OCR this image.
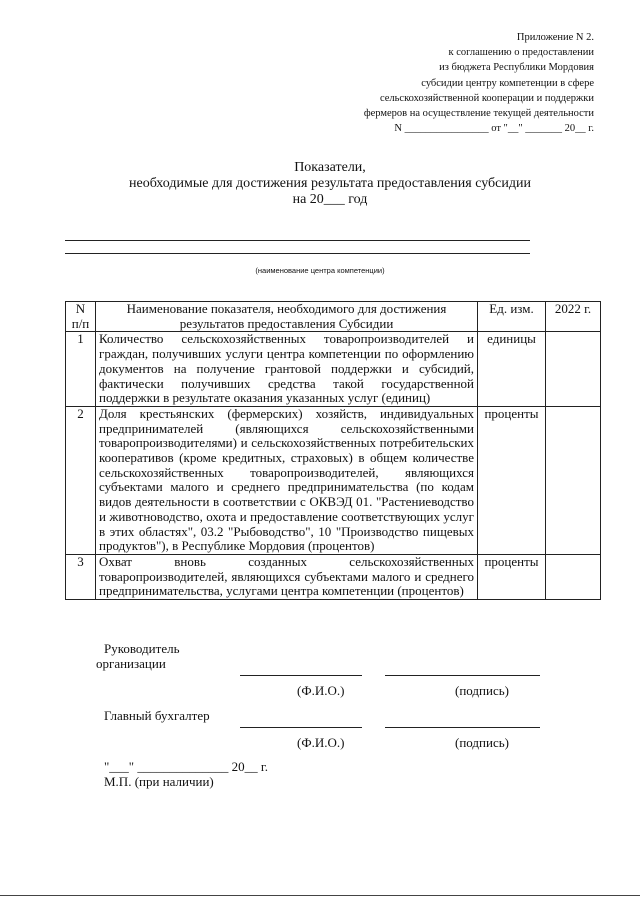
Приложение N 2.
к соглашению о предоставлении
из бюджета Республики Мордовия
субсидии центру компетенции в сфере
сельскохозяйственной кооперации и поддержки
фермеров на осуществление текущей деятельности
N ________________ от "__" _______ 20__ г.
Показатели,
необходимые для достижения результата предоставления субсидии
на 20___ год
(наименование центра компетенции)
N п/п	Наименование показателя, необходимого для достижения результатов предоставления Субсидии	Ед. изм.	2022 г.
1	Количество сельскохозяйственных товаропроизводителей и граждан, получивших услуги центра компетенции по оформлению документов на получение грантовой поддержки и субсидий, фактически получивших средства такой государственной поддержки в результате оказания указанных услуг (единиц)	единицы	
2	Доля крестьянских (фермерских) хозяйств, индивидуальных предпринимателей (являющихся сельскохозяйственными товаропроизводителями) и сельскохозяйственных потребительских кооперативов (кроме кредитных, страховых) в общем количестве сельскохозяйственных товаропроизводителей, являющихся субъектами малого и среднего предпринимательства (по кодам видов деятельности в соответствии с ОКВЭД 01. "Растениеводство и животноводство, охота и предоставление соответствующих услуг в этих областях", 03.2 "Рыбоводство", 10 "Производство пищевых продуктов"), в Республике Мордовия (процентов)	проценты	
3	Охват вновь созданных сельскохозяйственных товаропроизводителей, являющихся субъектами малого и среднего предпринимательства, услугами центра компетенции (процентов)	проценты	
Руководитель
организации
(Ф.И.О.)	(подпись)
Главный бухгалтер
(Ф.И.О.)	(подпись)
"___" ______________ 20__ г.
М.П. (при наличии)
